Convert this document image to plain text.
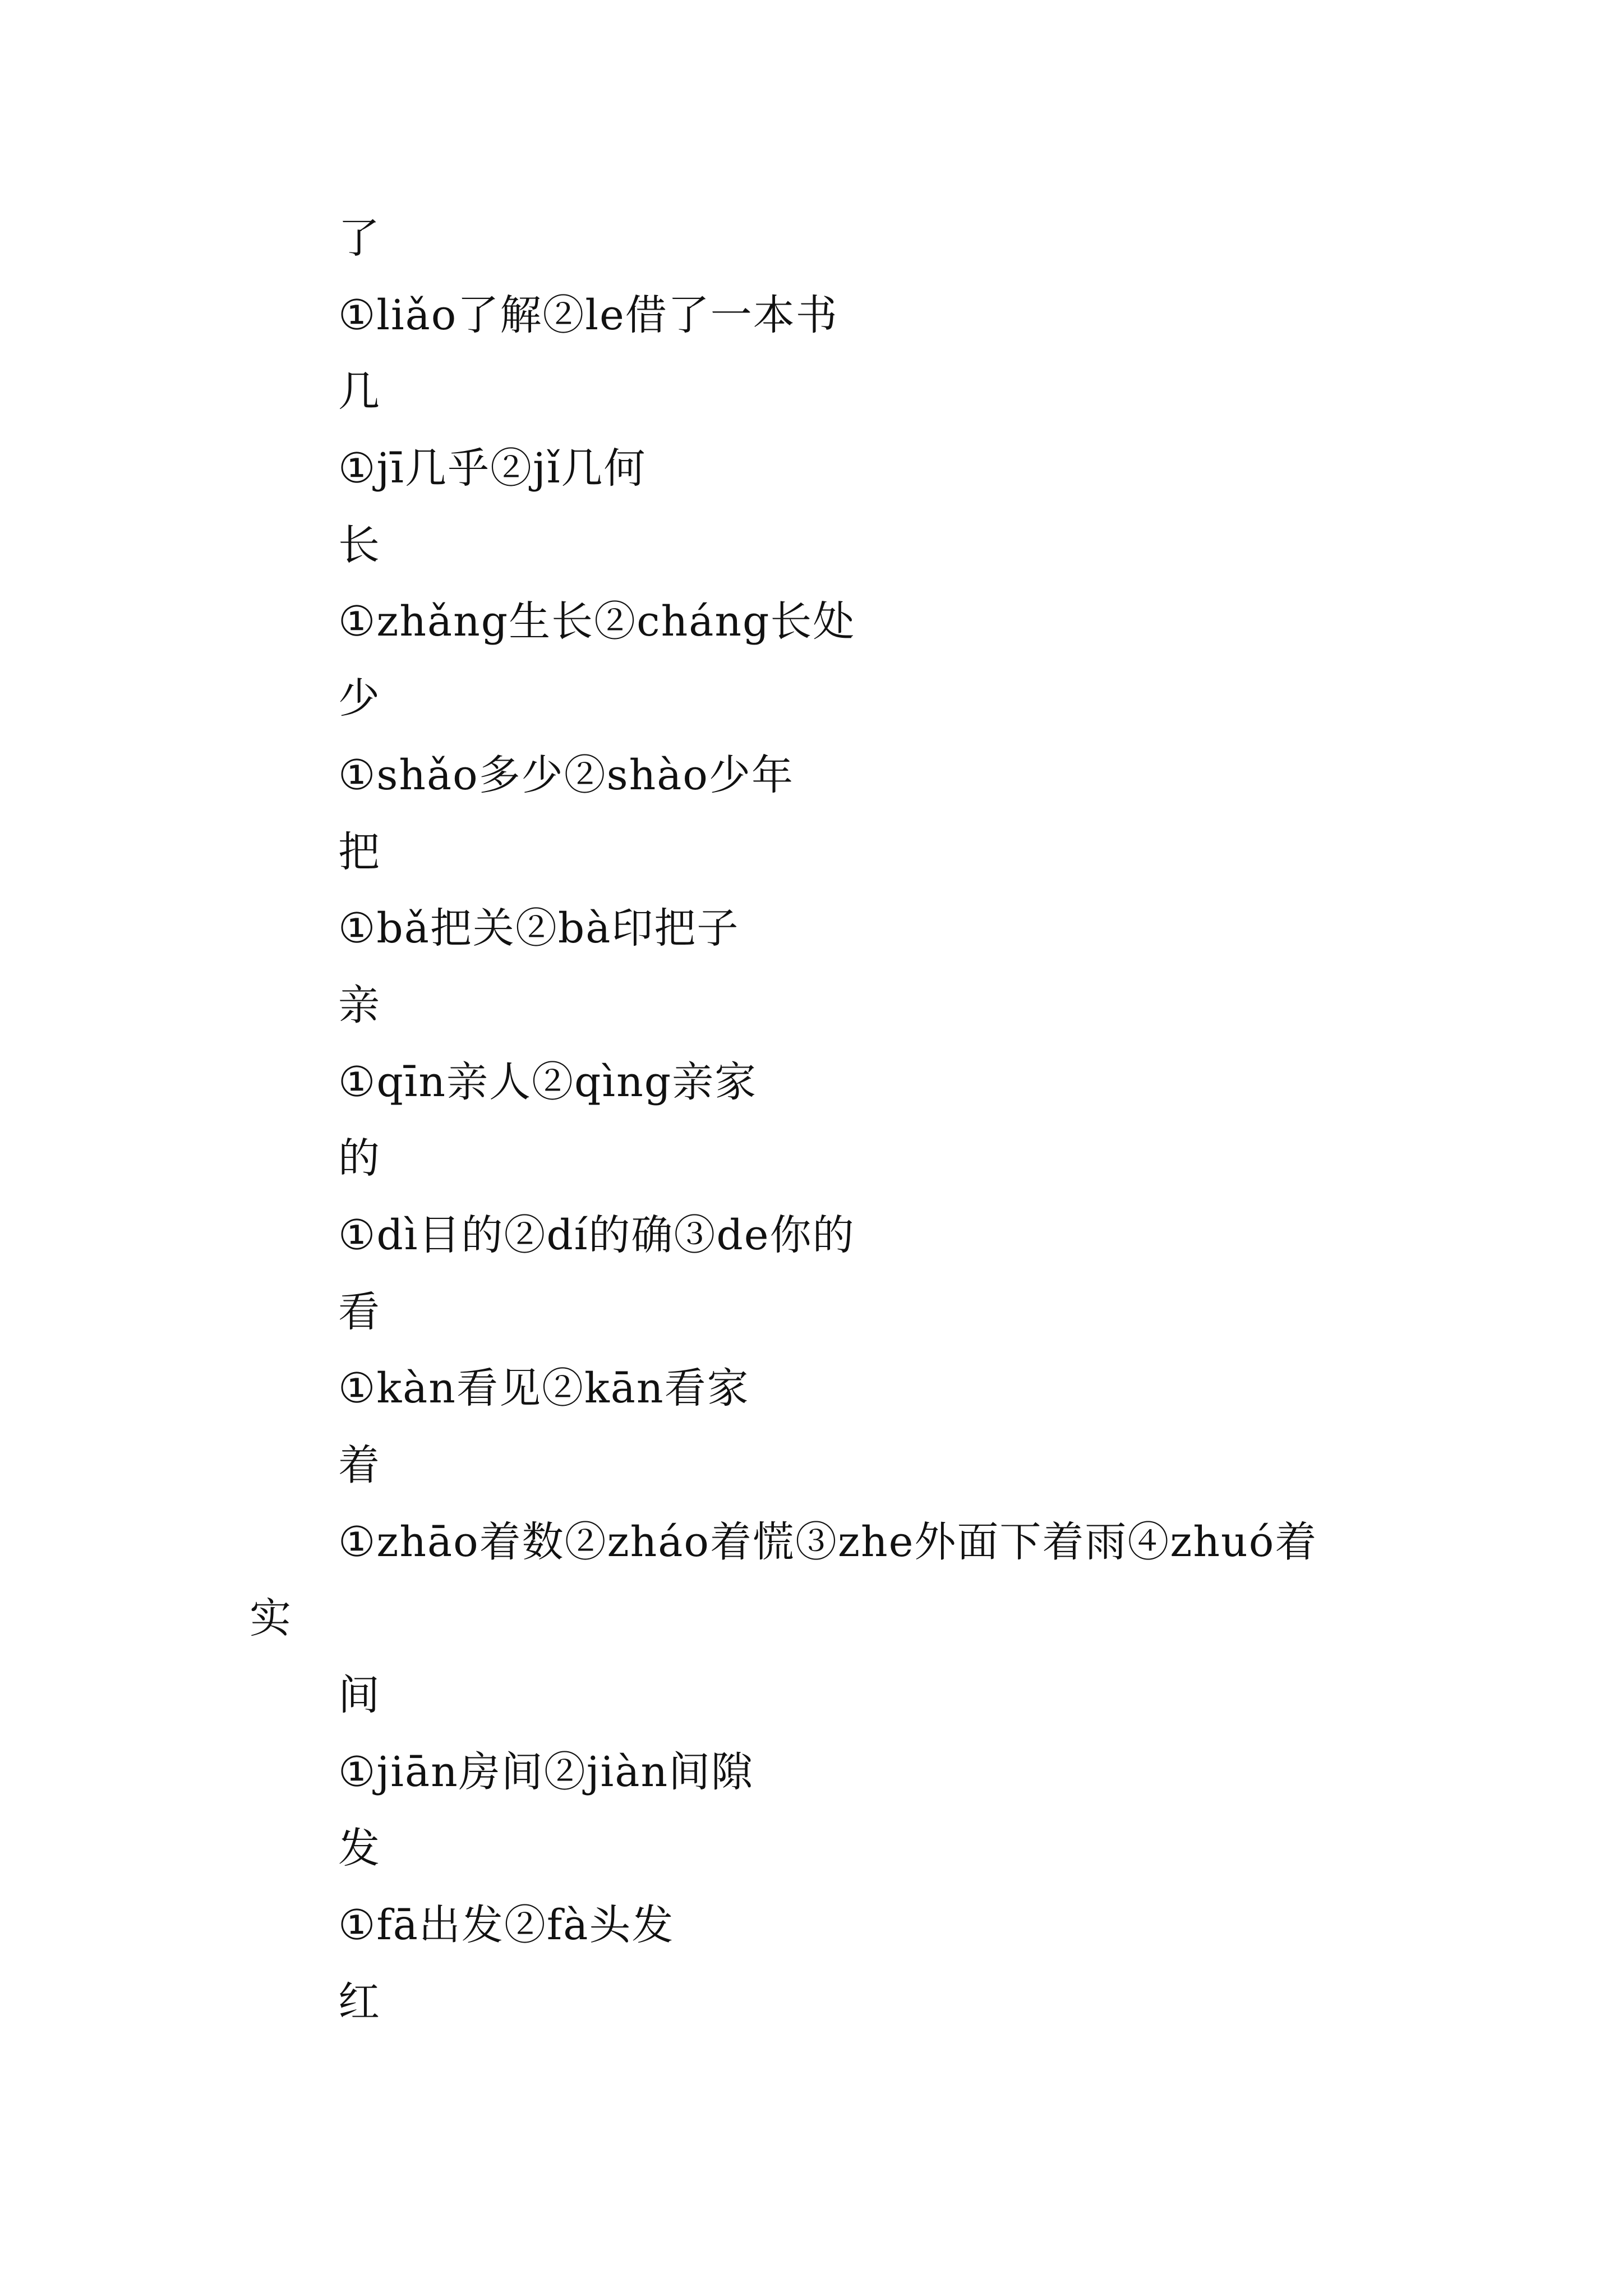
了
①liǎo了解②le借了一本书
几
①jī几乎②jǐ几何
长
①zhǎng生长②cháng长处
少
①shǎo多少②shào少年
把
①bǎ把关②bà印把子
亲
①qīn亲人②qìng亲家
的
①dì目的②dí的确③de你的
看
①kàn看见②kān看家
着
①zhāo着数②zháo着慌③zhe外面下着雨④zhuó着
实
间
①jiān房间②jiàn间隙
发
①fā出发②fà头发
红
